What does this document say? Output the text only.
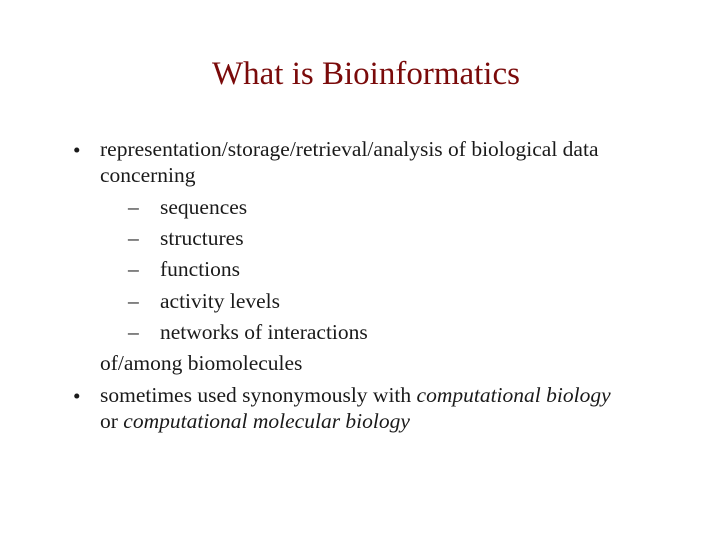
What is Bioinformatics
• representation/storage/retrieval/analysis of biological data
concerning
– sequences
– structures
– functions
– activity levels
– networks of interactions
of/among biomolecules
• sometimes used synonymously with computational biology
or computational molecular biology
